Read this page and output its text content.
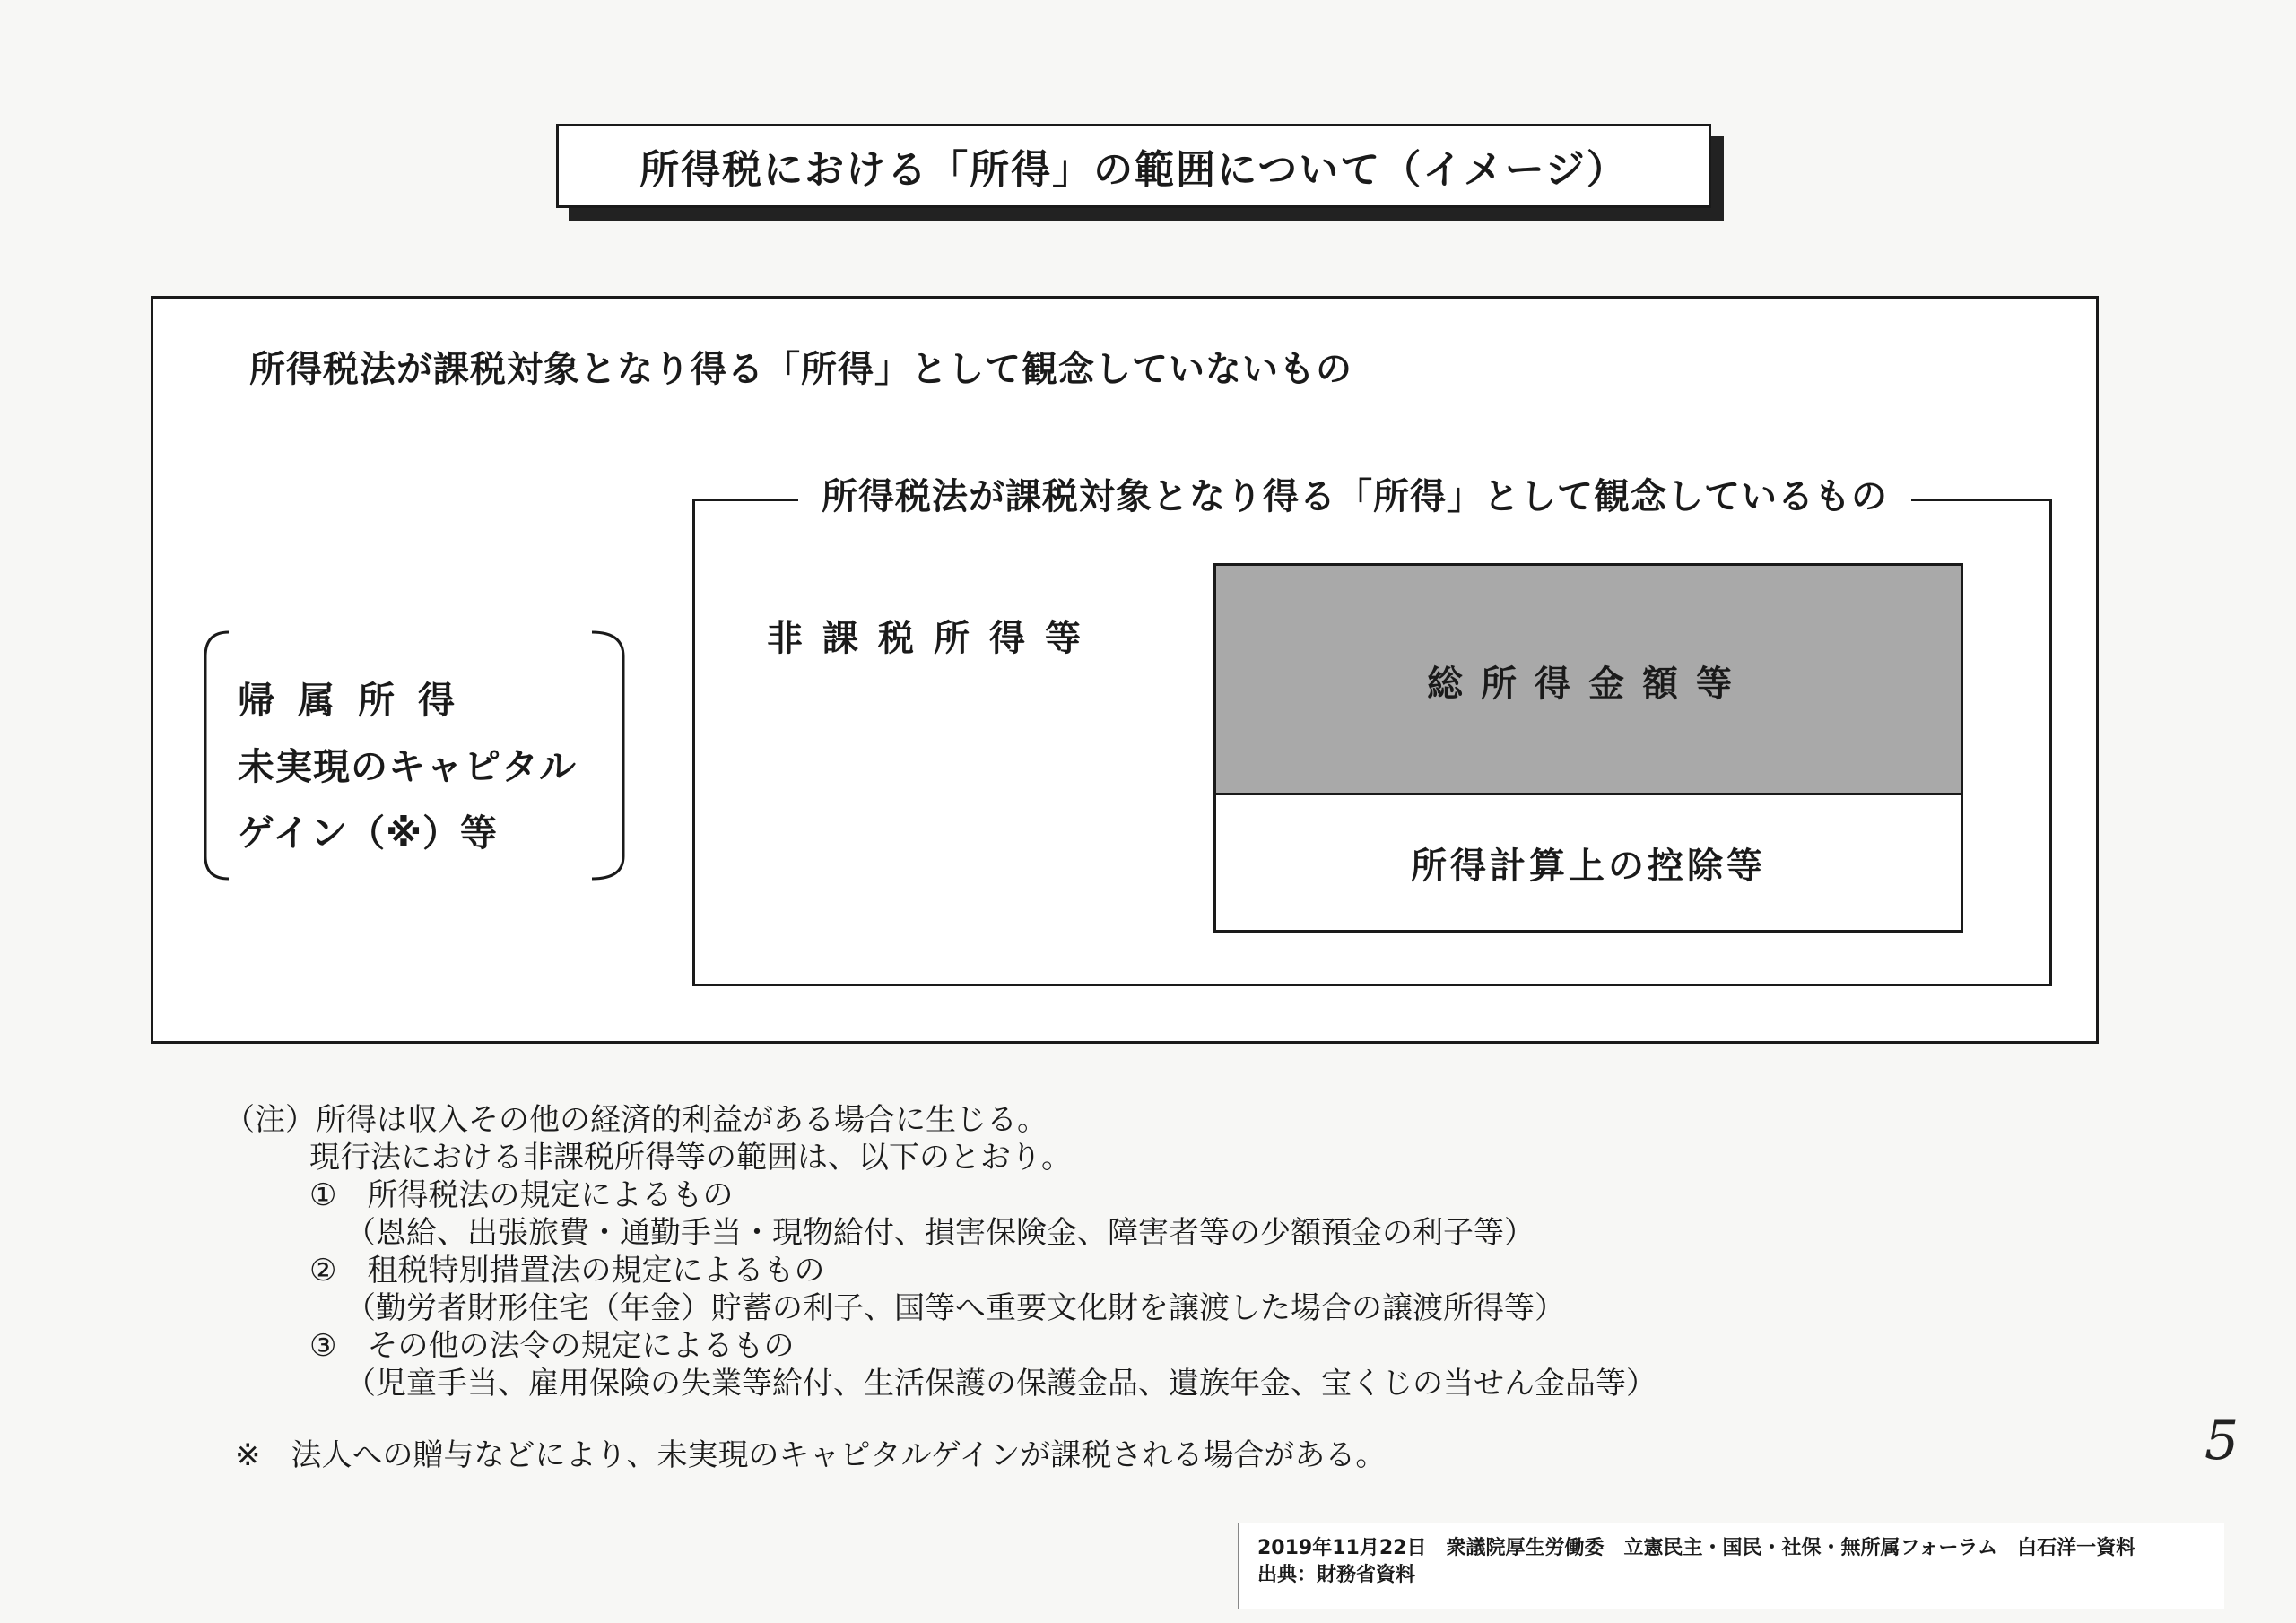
所得税における「所得」の範囲について（イメージ）
所得税法が課税対象となり得る「所得」として観念していないもの
帰属所得
未実現のキャピタル
ゲイン（※）等
所得税法が課税対象となり得る「所得」として観念しているもの
非課税所得等
総所得金額等
所得計算上の控除等
（注）所得は収入その他の経済的利益がある場合に生じる。
現行法における非課税所得等の範囲は、以下のとおり。
①　所得税法の規定によるもの
（恩給、出張旅費・通勤手当・現物給付、損害保険金、障害者等の少額預金の利子等）
②　租税特別措置法の規定によるもの
（勤労者財形住宅（年金）貯蓄の利子、国等へ重要文化財を譲渡した場合の譲渡所得等）
③　その他の法令の規定によるもの
（児童手当、雇用保険の失業等給付、生活保護の保護金品、遺族年金、宝くじの当せん金品等）
※　法人への贈与などにより、未実現のキャピタルゲインが課税される場合がある。	5
2019年11月22日　衆議院厚生労働委　立憲民主・国民・社保・無所属フォーラム　白石洋一資料
出典：財務省資料
